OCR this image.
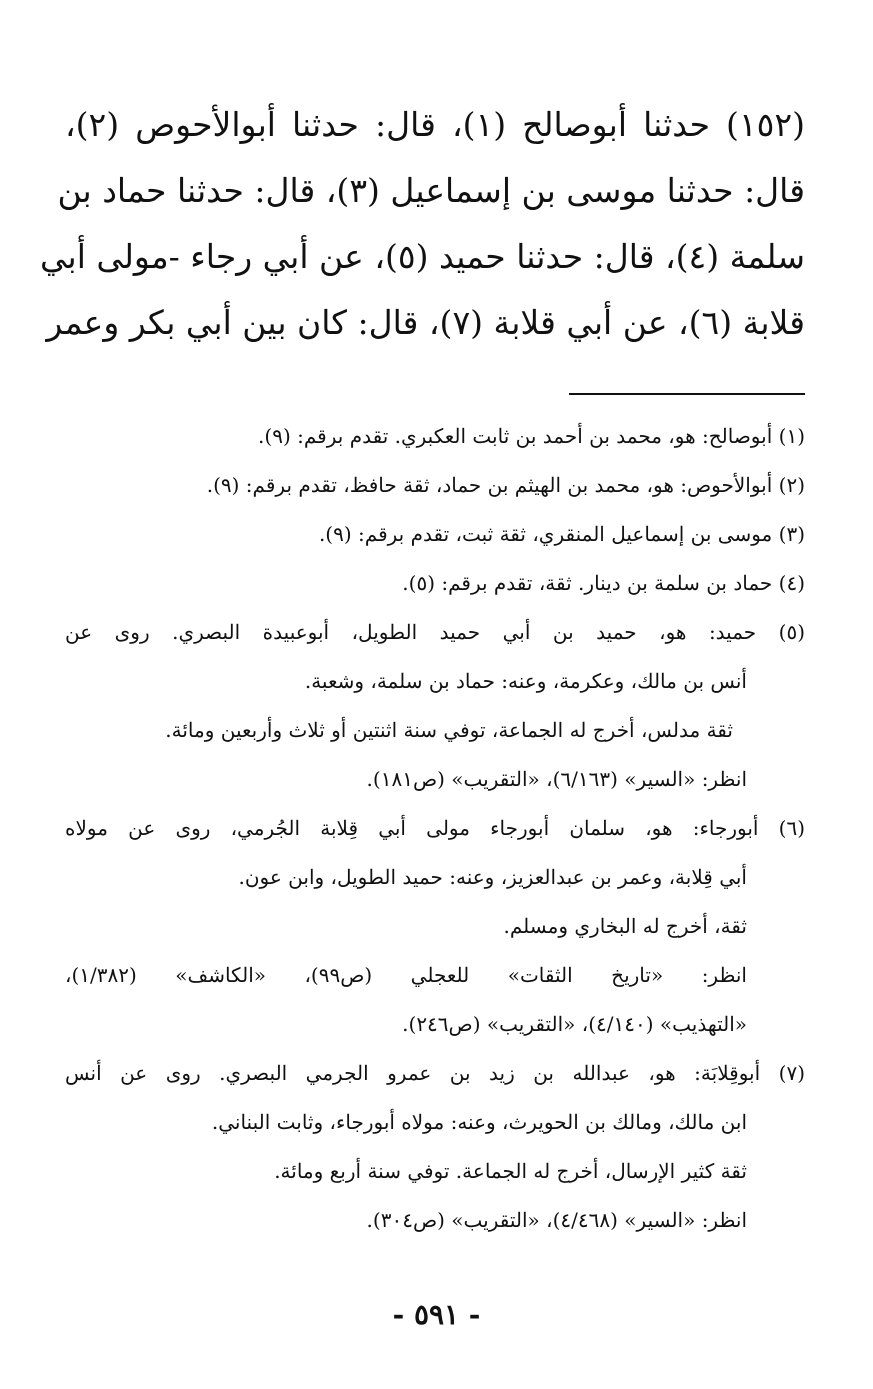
(١٥٢) حدثنا أبوصالح (١)، قال: حدثنا أبوالأحوص (٢)،
قال: حدثنا موسى بن إسماعيل (٣)، قال: حدثنا حماد بن
سلمة (٤)، قال: حدثنا حميد (٥)، عن أبي رجاء -مولى أبي
قلابة (٦)، عن أبي قلابة (٧)، قال: كان بين أبي بكر وعمر
(١) أبوصالح: هو، محمد بن أحمد بن ثابت العكبري. تقدم برقم: (٩).
(٢) أبوالأحوص: هو، محمد بن الهيثم بن حماد، ثقة حافظ، تقدم برقم: (٩).
(٣) موسى بن إسماعيل المنقري، ثقة ثبت، تقدم برقم: (٩).
(٤) حماد بن سلمة بن دينار. ثقة، تقدم برقم: (٥).
(٥) حميد: هو، حميد بن أبي حميد الطويل، أبوعبيدة البصري. روى عن
أنس بن مالك، وعكرمة، وعنه: حماد بن سلمة، وشعبة.
ثقة مدلس، أخرج له الجماعة، توفي سنة اثنتين أو ثلاث وأربعين ومائة.
انظر: «السير» (٦/١٦٣)، «التقريب» (ص١٨١).
(٦) أبورجاء: هو، سلمان أبورجاء مولى أبي قِلابة الجُرمي، روى عن مولاه
أبي قِلابة، وعمر بن عبدالعزيز، وعنه: حميد الطويل، وابن عون.
ثقة، أخرج له البخاري ومسلم.
انظر: «تاريخ الثقات» للعجلي (ص٩٩)، «الكاشف» (١/٣٨٢)،
«التهذيب» (٤/١٤٠)، «التقريب» (ص٢٤٦).
(٧) أبوقِلابَة: هو، عبدالله بن زيد بن عمرو الجرمي البصري. روى عن أنس
ابن مالك، ومالك بن الحويرث، وعنه: مولاه أبورجاء، وثابت البناني.
ثقة كثير الإرسال، أخرج له الجماعة. توفي سنة أربع ومائة.
انظر: «السير» (٤/٤٦٨)، «التقريب» (ص٣٠٤).
- ٥٩١ -
